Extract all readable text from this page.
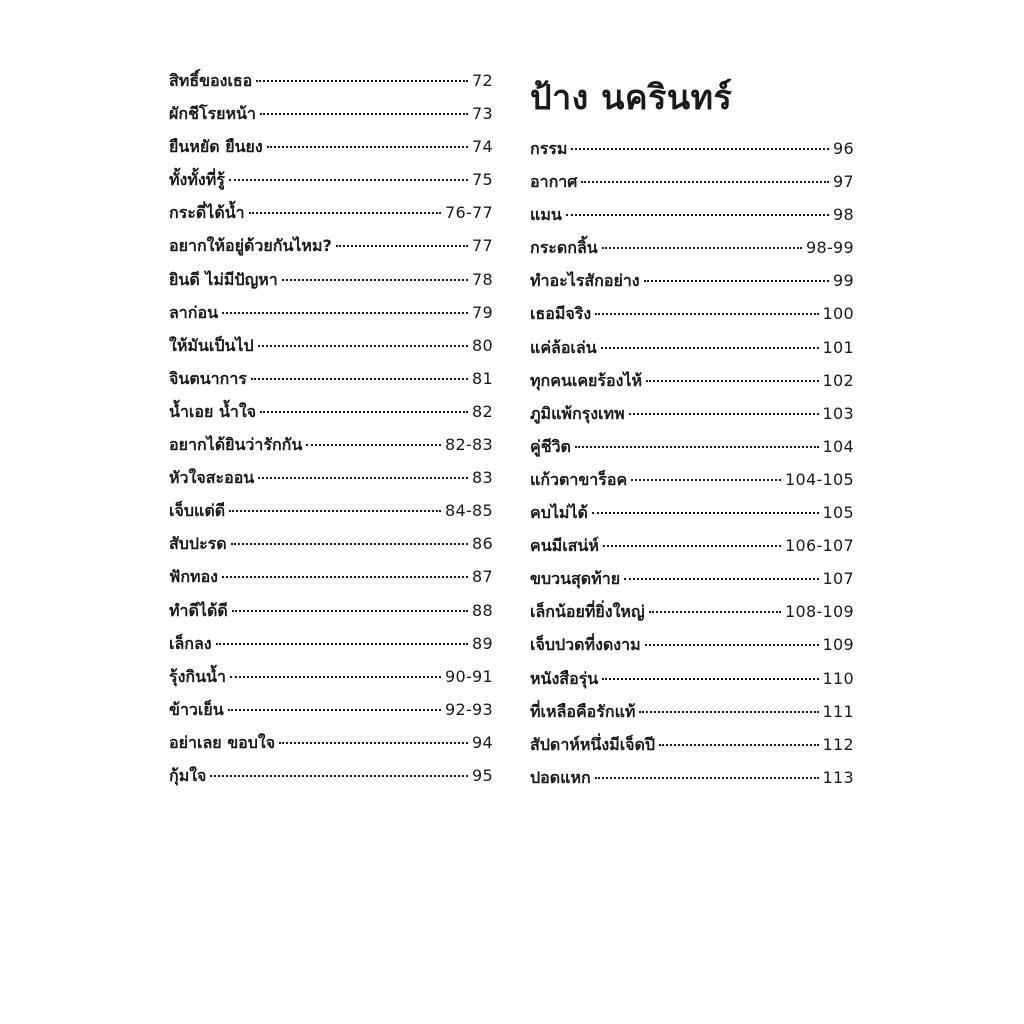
สิทธิ์ของเธอ	72
ผักชีโรยหน้า	73
ยืนหยัด ยืนยง	74
ทั้งทั้งที่รู้	75
กระดี่ได้น้ำ	76-77
อยากให้อยู่ด้วยกันไหม?	77
ยินดี ไม่มีปัญหา	78
ลาก่อน	79
ให้มันเป็นไป	80
จินตนาการ	81
น้ำเอย น้ำใจ	82
อยากได้ยินว่ารักกัน	82-83
หัวใจสะออน	83
เจ็บแต่ดี	84-85
สับปะรด	86
ฟักทอง	87
ทำดีได้ดี	88
เล็กลง	89
รุ้งกินน้ำ	90-91
ข้าวเย็น	92-93
อย่าเลย ขอบใจ	94
กุ้มใจ	95
ป้าง นครินทร์
กรรม	96
อากาศ	97
แมน	98
กระดกลิ้น	98-99
ทำอะไรสักอย่าง	99
เธอมีจริง	100
แค่ล้อเล่น	101
ทุกคนเคยร้องไห้	102
ภูมิแพ้กรุงเทพ	103
คู่ชีวิต	104
แก้วตาขาร็อค	104-105
คบไม่ได้	105
คนมีเสน่ห์	106-107
ขบวนสุดท้าย	107
เล็กน้อยที่ยิ่งใหญ่	108-109
เจ็บปวดที่งดงาม	109
หนังสือรุ่น	110
ที่เหลือคือรักแท้	111
สัปดาห์หนึ่งมีเจ็ดปี	112
ปอดแหก	113
